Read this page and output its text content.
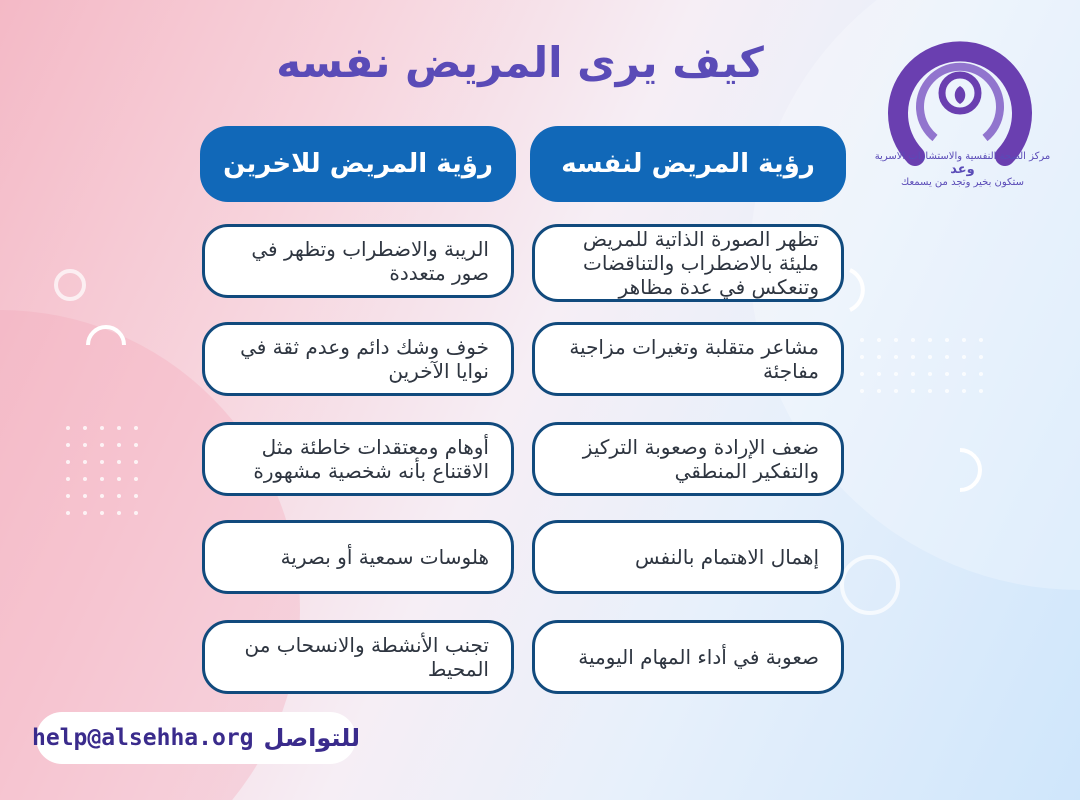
كيف يرى المريض نفسه
مركز الصحة النفسية والاستشارات الاسرية
وعد
ستكون بخير وتجد من يسمعك
رؤية المريض لنفسه
رؤية المريض للاخرين
تظهر الصورة الذاتية للمريض مليئة بالاضطراب والتناقضات وتنعكس في عدة مظاهر
مشاعر متقلبة وتغيرات مزاجية مفاجئة
ضعف الإرادة وصعوبة التركيز والتفكير المنطقي
إهمال الاهتمام بالنفس
صعوبة في أداء المهام اليومية
الريبة والاضطراب وتظهر في صور متعددة
خوف وشك دائم وعدم ثقة في نوايا الآخرين
أوهام ومعتقدات خاطئة مثل الاقتناع بأنه شخصية مشهورة
هلوسات سمعية أو بصرية
تجنب الأنشطة والانسحاب من المحيط
help@alsehha.org للتواصل
